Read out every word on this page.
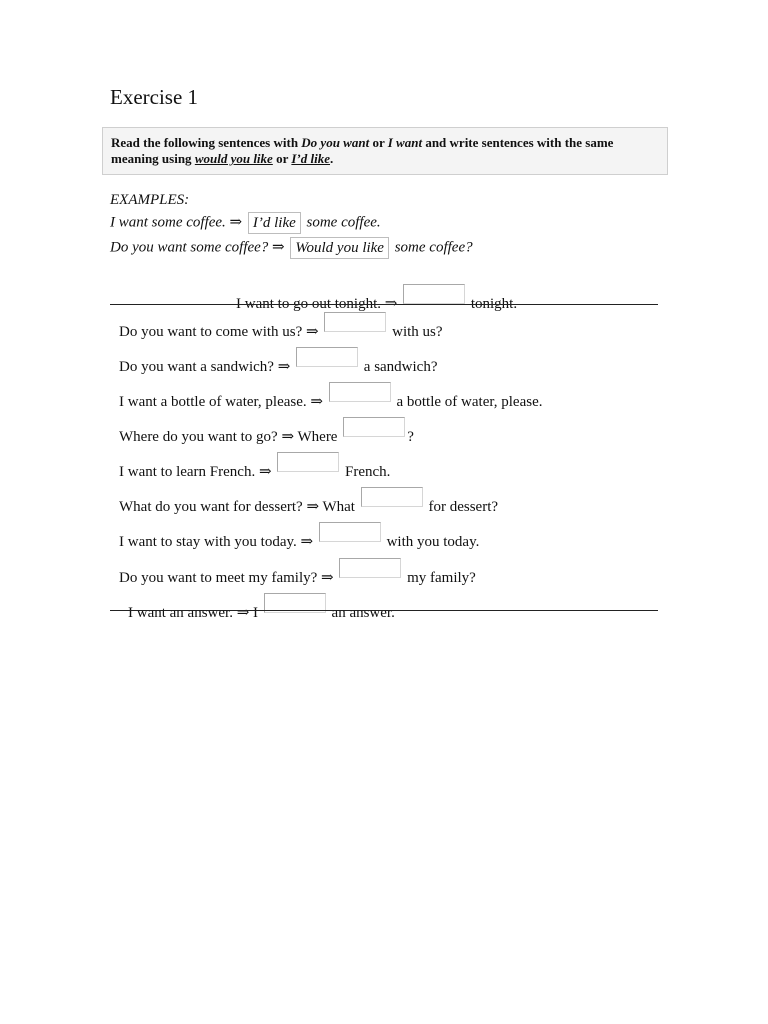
Exercise 1
Read the following sentences with Do you want or I want and write sentences with the same meaning using would you like or I’d like.
EXAMPLES:
I want some coffee. ⇒ I’d like some coffee.
Do you want some coffee? ⇒ Would you like some coffee?
I want to go out tonight. ⇒	tonight.
Do you want to come with us? ⇒	with us?
Do you want a sandwich? ⇒	a sandwich?
I want a bottle of water, please. ⇒	a bottle of water, please.
Where do you want to go? ⇒ Where	?
I want to learn French. ⇒	French.
What do you want for dessert? ⇒ What	for dessert?
I want to stay with you today. ⇒	with you today.
Do you want to meet my family? ⇒	my family?
I want an answer. ⇒ I	an answer.
